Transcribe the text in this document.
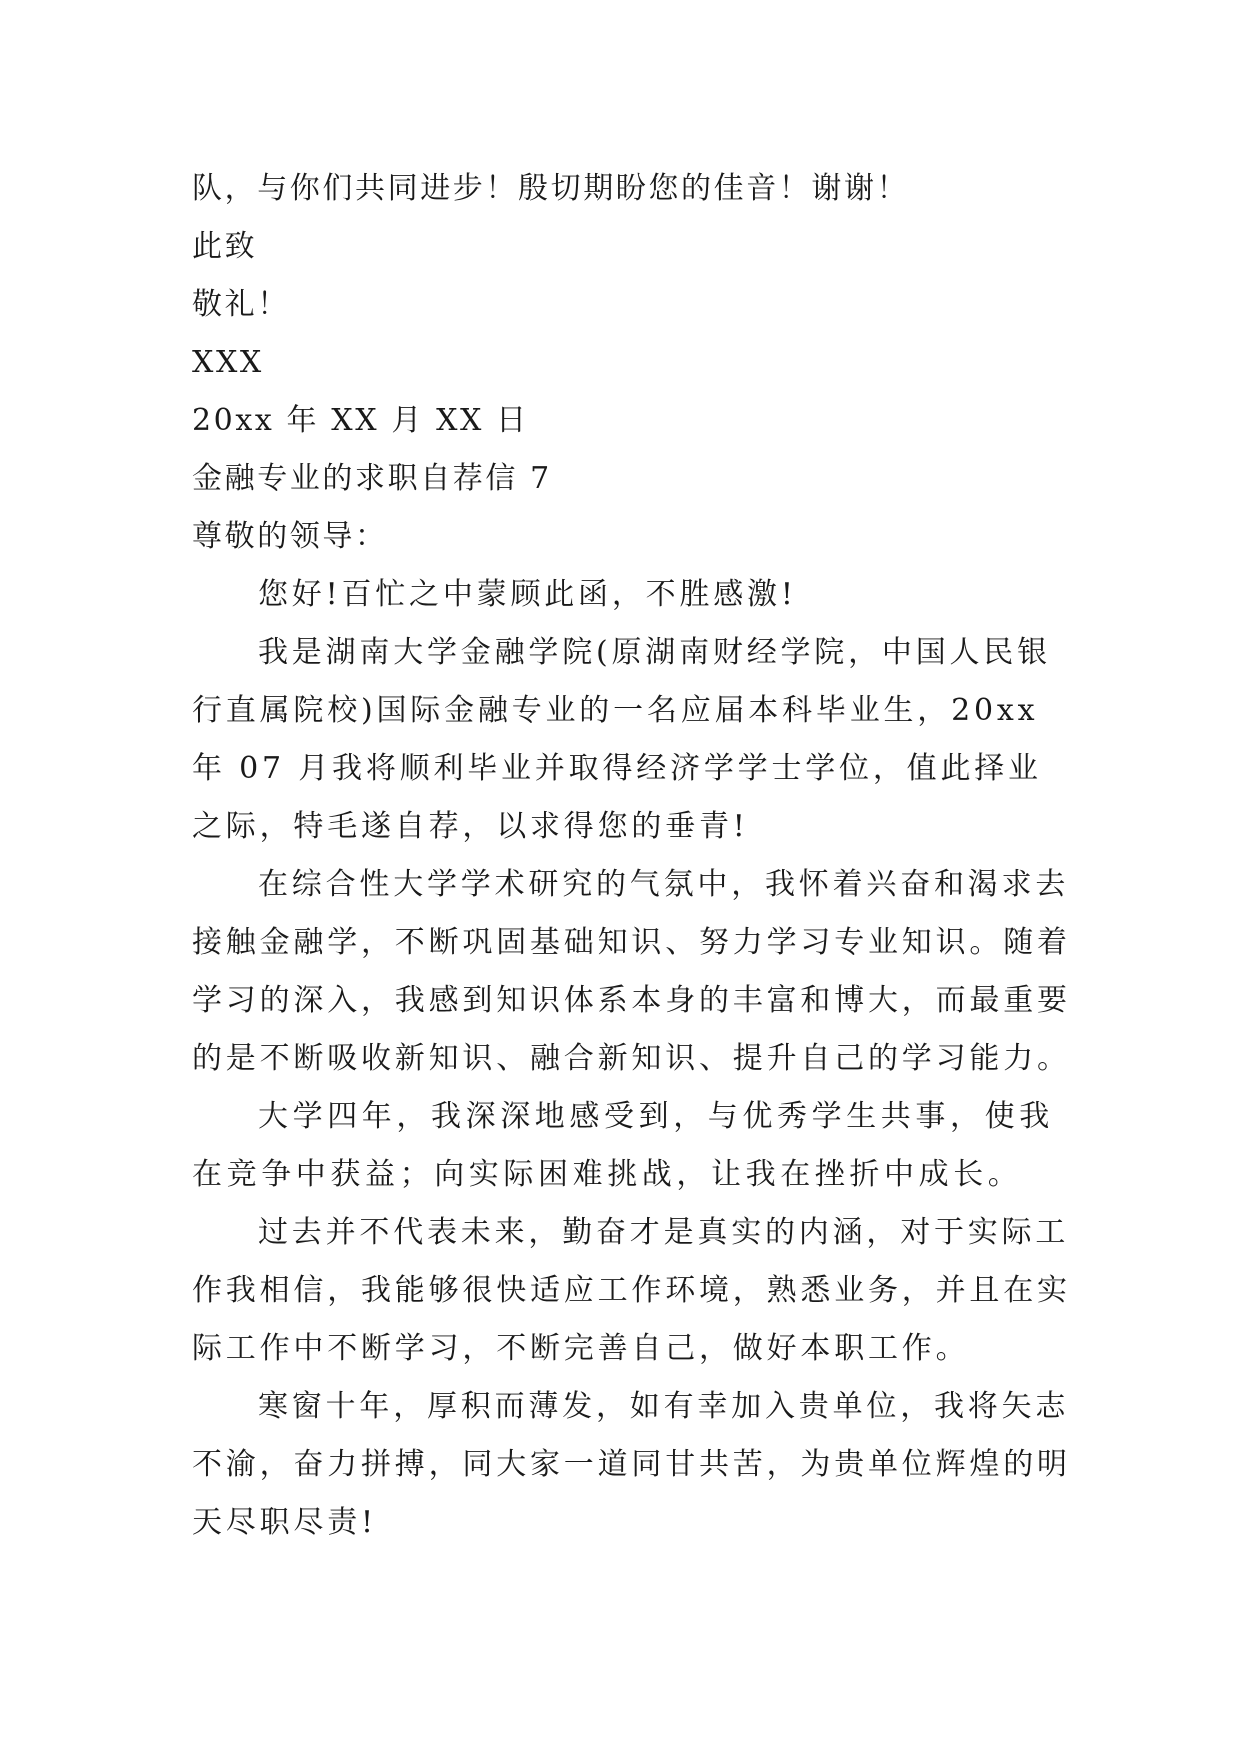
队，与你们共同进步！殷切期盼您的佳音！谢谢！
此致
敬礼！
XXX
20xx 年 XX 月 XX 日
金融专业的求职自荐信 7
尊敬的领导：

您好!百忙之中蒙顾此函，不胜感激!

我是湖南大学金融学院(原湖南财经学院，中国人民银行直属院校)国际金融专业的一名应届本科毕业生，20xx 年 07 月我将顺利毕业并取得经济学学士学位，值此择业之际，特毛遂自荐，以求得您的垂青!

在综合性大学学术研究的气氛中，我怀着兴奋和渴求去接触金融学，不断巩固基础知识、努力学习专业知识。随着学习的深入，我感到知识体系本身的丰富和博大，而最重要的是不断吸收新知识、融合新知识、提升自己的学习能力。

大学四年，我深深地感受到，与优秀学生共事，使我在竞争中获益；向实际困难挑战，让我在挫折中成长。

过去并不代表未来，勤奋才是真实的内涵，对于实际工作我相信，我能够很快适应工作环境，熟悉业务，并且在实际工作中不断学习，不断完善自己，做好本职工作。

寒窗十年，厚积而薄发，如有幸加入贵单位，我将矢志不渝，奋力拼搏，同大家一道同甘共苦，为贵单位辉煌的明天尽职尽责!
